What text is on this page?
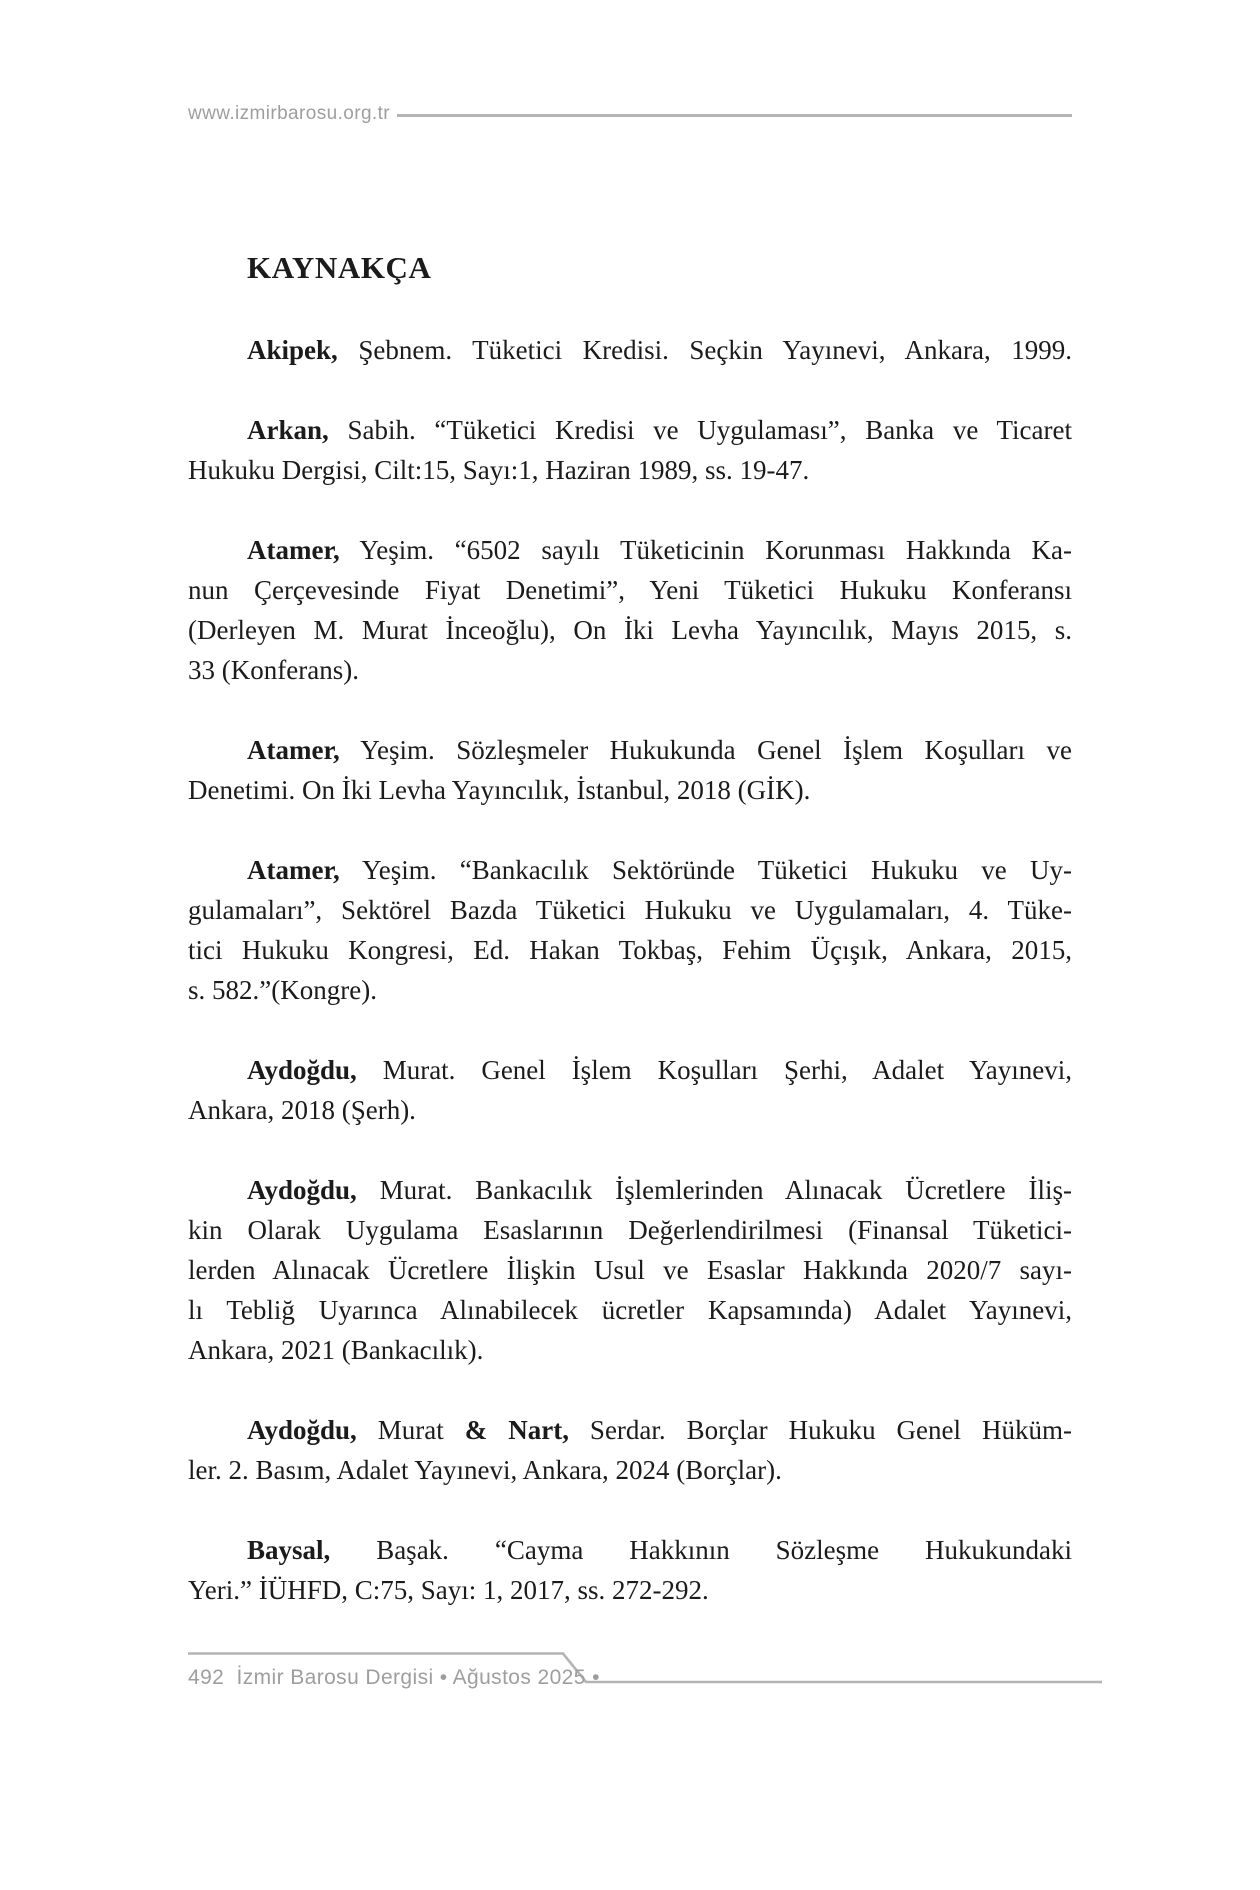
www.izmirbarosu.org.tr
KAYNAKÇA
Akipek, Şebnem. Tüketici Kredisi. Seçkin Yayınevi, Ankara, 1999.
Arkan, Sabih. “Tüketici Kredisi ve Uygulaması”, Banka ve Ticaret
Hukuku Dergisi, Cilt:15, Sayı:1, Haziran 1989, ss. 19-47.
Atamer, Yeşim. “6502 sayılı Tüketicinin Korunması Hakkında Ka-
nun Çerçevesinde Fiyat Denetimi”, Yeni Tüketici Hukuku Konferansı
(Derleyen M. Murat İnceoğlu), On İki Levha Yayıncılık, Mayıs 2015, s.
33 (Konferans).
Atamer, Yeşim. Sözleşmeler Hukukunda Genel İşlem Koşulları ve
Denetimi. On İki Levha Yayıncılık, İstanbul, 2018 (GİK).
Atamer, Yeşim. “Bankacılık Sektöründe Tüketici Hukuku ve Uy-
gulamaları”, Sektörel Bazda Tüketici Hukuku ve Uygulamaları, 4. Tüke-
tici Hukuku Kongresi, Ed. Hakan Tokbaş, Fehim Üçışık, Ankara, 2015,
s. 582.”(Kongre).
Aydoğdu, Murat. Genel İşlem Koşulları Şerhi, Adalet Yayınevi,
Ankara, 2018 (Şerh).
Aydoğdu, Murat. Bankacılık İşlemlerinden Alınacak Ücretlere İliş-
kin Olarak Uygulama Esaslarının Değerlendirilmesi (Finansal Tüketici-
lerden Alınacak Ücretlere İlişkin Usul ve Esaslar Hakkında 2020/7 sayı-
lı Tebliğ Uyarınca Alınabilecek ücretler Kapsamında) Adalet Yayınevi,
Ankara, 2021 (Bankacılık).
Aydoğdu, Murat & Nart, Serdar. Borçlar Hukuku Genel Hüküm-
ler. 2. Basım, Adalet Yayınevi, Ankara, 2024 (Borçlar).
Baysal, Başak. “Cayma Hakkının Sözleşme Hukukundaki
Yeri.” İÜHFD, C:75, Sayı: 1, 2017, ss. 272-292.
492 İzmir Barosu Dergisi • Ağustos 2025 •
